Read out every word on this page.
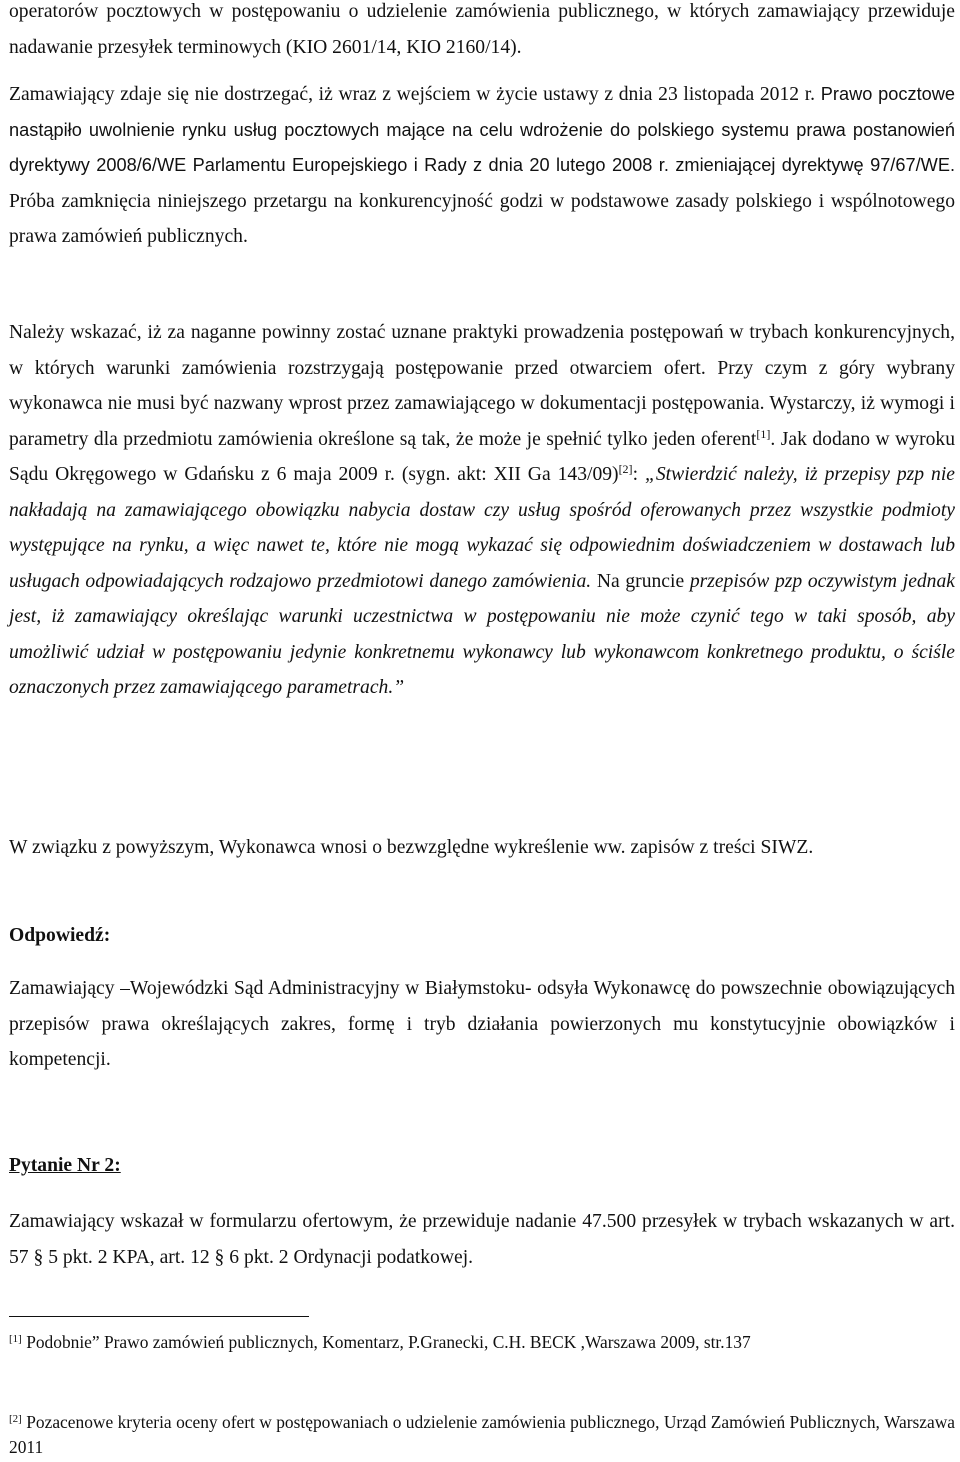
operatorów pocztowych w postępowaniu o udzielenie zamówienia publicznego, w których zamawiający przewiduje nadawanie przesyłek terminowych (KIO 2601/14, KIO 2160/14).

Zamawiający zdaje się nie dostrzegać, iż wraz z wejściem w życie ustawy z dnia 23 listopada 2012 r. Prawo pocztowe nastąpiło uwolnienie rynku usług pocztowych mające na celu wdrożenie do polskiego systemu prawa postanowień dyrektywy 2008/6/WE Parlamentu Europejskiego i Rady z dnia 20 lutego 2008 r. zmieniającej dyrektywę 97/67/WE. Próba zamknięcia niniejszego przetargu na konkurencyjność godzi w podstawowe zasady polskiego i wspólnotowego prawa zamówień publicznych.

Należy wskazać, iż za naganne powinny zostać uznane praktyki prowadzenia postępowań w trybach konkurencyjnych, w których warunki zamówienia rozstrzygają postępowanie przed otwarciem ofert. Przy czym z góry wybrany wykonawca nie musi być nazwany wprost przez zamawiającego w dokumentacji postępowania. Wystarczy, iż wymogi i parametry dla przedmiotu zamówienia określone są tak, że może je spełnić tylko jeden oferent[1]. Jak dodano w wyroku Sądu Okręgowego w Gdańsku z 6 maja 2009 r. (sygn. akt: XII Ga 143/09)[2]: „Stwierdzić należy, iż przepisy pzp nie nakładają na zamawiającego obowiązku nabycia dostaw czy usług spośród oferowanych przez wszystkie podmioty występujące na rynku, a więc nawet te, które nie mogą wykazać się odpowiednim doświadczeniem w dostawach lub usługach odpowiadających rodzajowo przedmiotowi danego zamówienia. Na gruncie przepisów pzp oczywistym jednak jest, iż zamawiający określając warunki uczestnictwa w postępowaniu nie może czynić tego w taki sposób, aby umożliwić udział w postępowaniu jedynie konkretnemu wykonawcy lub wykonawcom konkretnego produktu, o ściśle oznaczonych przez zamawiającego parametrach.”

W związku z powyższym, Wykonawca wnosi o bezwzględne wykreślenie ww. zapisów z treści SIWZ.

Odpowiedź:

Zamawiający –Wojewódzki Sąd Administracyjny w Białymstoku- odsyła Wykonawcę do powszechnie obowiązujących przepisów prawa określających zakres, formę i tryb działania powierzonych mu konstytucyjnie obowiązków i kompetencji.

Pytanie Nr 2:

Zamawiający wskazał w formularzu ofertowym, że przewiduje nadanie 47.500 przesyłek w trybach wskazanych w art. 57 § 5 pkt. 2 KPA, art. 12 § 6 pkt. 2 Ordynacji podatkowej.

[1] Podobnie” Prawo zamówień publicznych, Komentarz, P.Granecki, C.H. BECK ,Warszawa 2009, str.137
[2] Pozacenowe kryteria oceny ofert w postępowaniach o udzielenie zamówienia publicznego, Urząd Zamówień Publicznych, Warszawa 2011
